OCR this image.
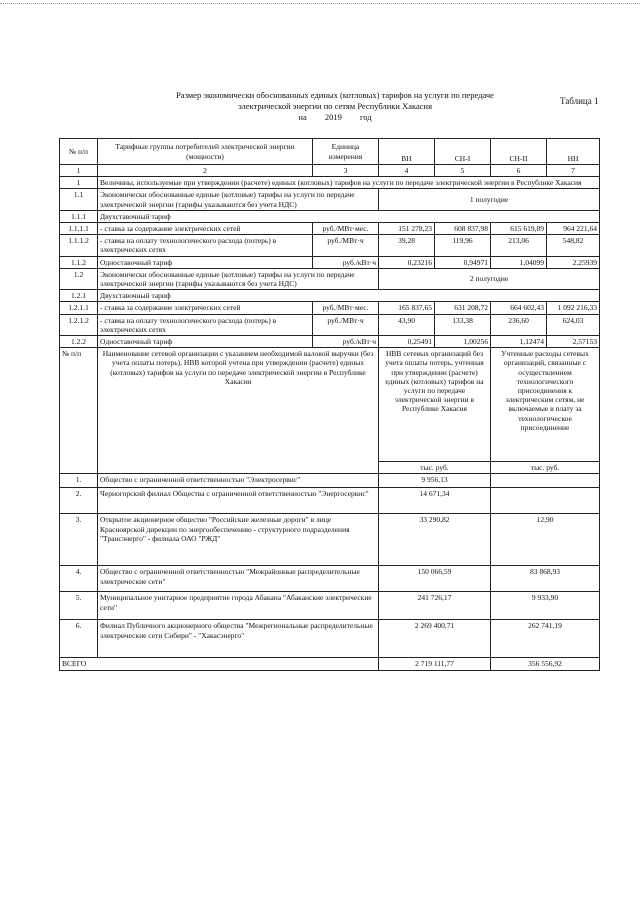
Таблица 1
Размер экономически обоснованных единых (котловых) тарифов на услуги по передаче
электрической энергии по сетям Республики Хакасия
на 2019 год
№ п/п	Тарифные группы потребителей электрической энергии (мощности)	Единица измерения	ВН	СН-I	СН-II	НН
1	2	3	4	5	6	7
1	Величины, используемые при утверждении (расчете) единых (котловых) тарифов на услуги по передаче электрической энергии в Республике Хакасия					
1.1	Экономически обоснованные единые (котловые) тарифы на услуги по передаче электрической энергии (тарифы указываются без учета НДС)		1 полугодие			
1.1.1	Двухставочный тариф					
1.1.1.1	- ставка за содержание электрических сетей	руб./МВт·мес.	151 278,23	608 837,98	615 619,89	964 221,64
1.1.1.2	- ставка на оплату технологического расхода (потерь) в электрических сетях	руб./МВт·ч	39,28	119,96	213,06	548,82
1.1.2	Одноставочный тариф	руб./кВт·ч	0,23216	0,94971	1,04099	2,25939
1.2	Экономически обоснованные единые (котловые) тарифы на услуги по передаче электрической энергии (тарифы указываются без учета НДС)		2 полугодие			
1.2.1	Двухставочный тариф					
1.2.1.1	- ставка за содержание электрических сетей	руб./МВт·мес.	165 837,65	631 208,72	664 602,43	1 092 216,33
1.2.1.2	- ставка на оплату технологического расхода (потерь) в электрических сетях	руб./МВт·ч	43,90	133,38	236,60	624,03
1.2.2	Одноставочный тариф	руб./кВт·ч	0,25491	1,00256	1,12474	2,57153
№ п/п	Наименование сетевой организации с указанием необходимой валовой выручки (без учета оплаты потерь), НВВ которой учтена при утверждении (расчете) единых (котловых) тарифов на услуги по передаче электрической энергии в Республике Хакасия		НВВ сетевых организаций без учета оплаты потерь, учтенная при утверждении (расчете) единых (котловых) тарифов на услуги по передаче электрической энергии в Республике Хакасия		Учтенные расходы сетевых организаций, связанные с осуществлением технологического присоединения к электрическим сетям, не включаемые в плату за технологическое присоединение	
			тыс. руб.		тыс. руб.	
1.	Общество с ограниченной ответственностью "Электросервис"		9 956,13			
2.	Черногорский филиал Общества с ограниченной ответственностью "Энергосервис"		14 671,34			
3.	Открытое акционерное общество "Российские железные дороги" в лице Красноярской дирекции по энергообеспечению - структурного подразделения "Трансэнерго" - филиала ОАО "РЖД"		33 290,82		12,90	
4.	Общество с ограниченной ответственностью "Межрайонные распределительные электрические сети"		150 066,59		83 868,93	
5.	Муниципальное унитарное предприятие города Абакана "Абаканские электрические сети"		241 726,17		9 933,90	
6.	Филиал Публичного акционерного общества "Межрегиональные распределительные электрические сети Сибири" - "Хакасэнерго"		2 269 400,71		262 741,19	
ВСЕГО			2 719 111,77		356 556,92	
